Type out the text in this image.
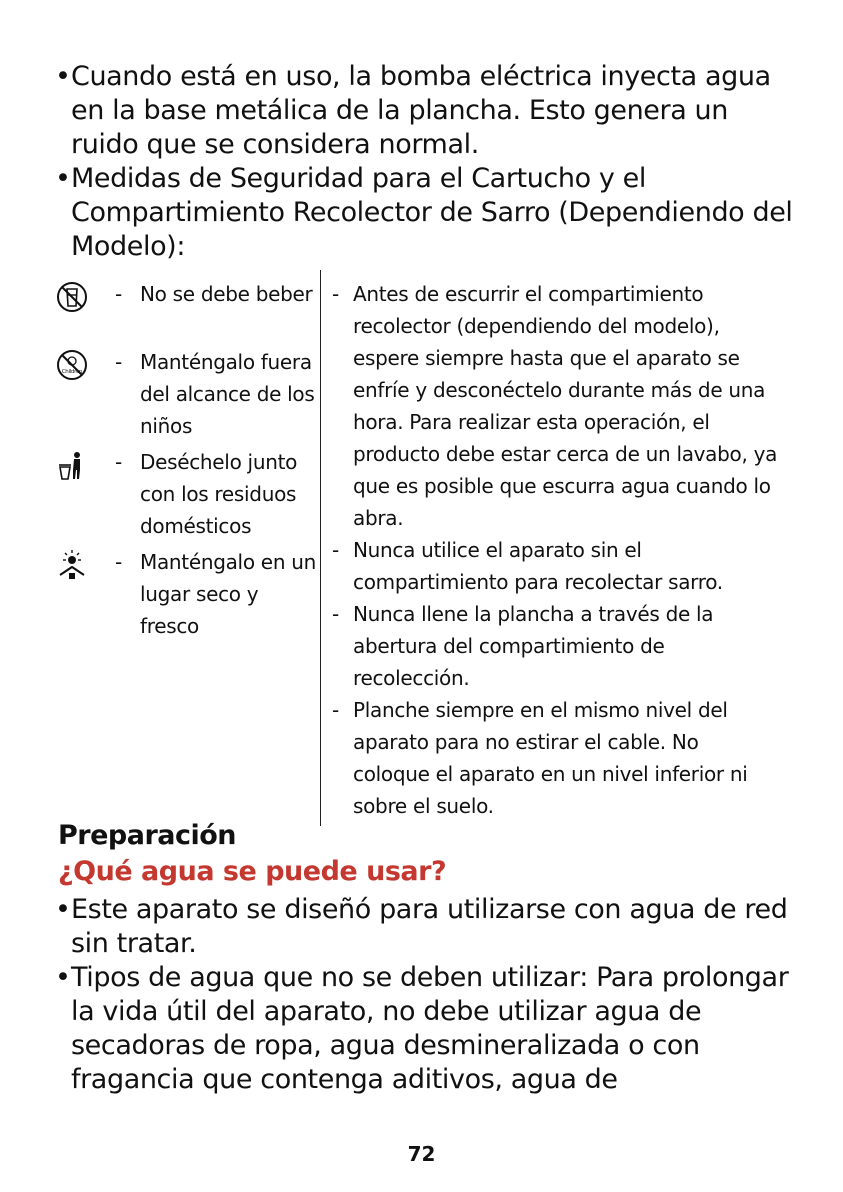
• Cuando está en uso, la bomba eléctrica inyecta agua en la base metálica de la plancha. Esto genera un ruido que se considera normal.
• Medidas de Seguridad para el Cartucho y el Compartimiento Recolector de Sarro (Dependiendo del Modelo):
- No se debe beber
Children - Manténgalo fuera del alcance de los niños
- Deséchelo junto con los residuos domésticos
- Manténgalo en un lugar seco y fresco
- Antes de escurrir el compartimiento recolector (dependiendo del modelo), espere siempre hasta que el aparato se enfríe y desconéctelo durante más de una hora. Para realizar esta operación, el producto debe estar cerca de un lavabo, ya que es posible que escurra agua cuando lo abra.
- Nunca utilice el aparato sin el compartimiento para recolectar sarro.
- Nunca llene la plancha a través de la abertura del compartimiento de recolección.
- Planche siempre en el mismo nivel del aparato para no estirar el cable. No coloque el aparato en un nivel inferior ni sobre el suelo.
Preparación
¿Qué agua se puede usar?
• Este aparato se diseñó para utilizarse con agua de red sin tratar.
• Tipos de agua que no se deben utilizar: Para prolongar la vida útil del aparato, no debe utilizar agua de secadoras de ropa, agua desmineralizada o con fragancia que contenga aditivos, agua de
72
